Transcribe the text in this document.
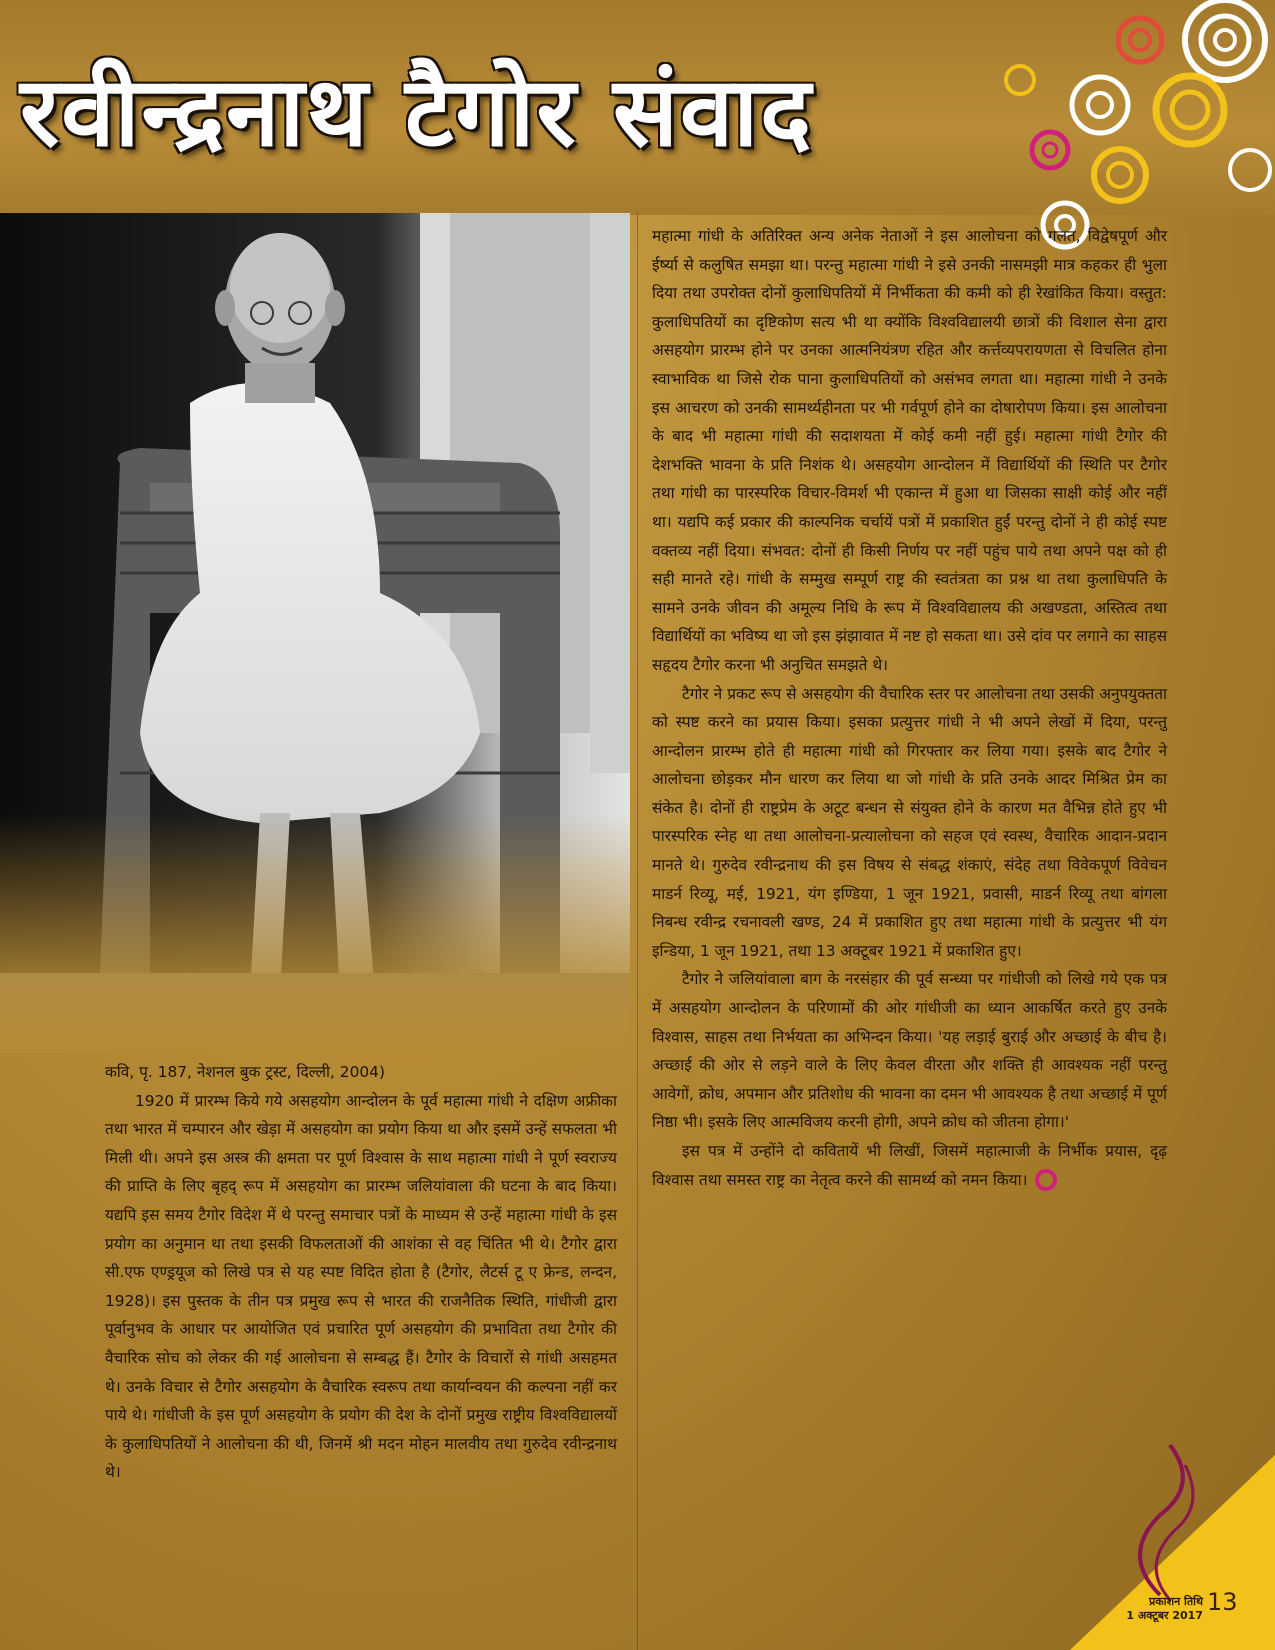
रवीन्द्रनाथ टैगोर संवाद

कवि, पृ. 187, नेशनल बुक ट्रस्ट, दिल्ली, 2004)

1920 में प्रारम्भ किये गये असहयोग आन्दोलन के पूर्व महात्मा गांधी ने दक्षिण अफ्रीका तथा भारत में चम्पारन और खेड़ा में असहयोग का प्रयोग किया था और इसमें उन्हें सफलता भी मिली थी। अपने इस अस्त्र की क्षमता पर पूर्ण विश्वास के साथ महात्मा गांधी ने पूर्ण स्वराज्य की प्राप्ति के लिए बृहद् रूप में असहयोग का प्रारम्भ जलियांवाला की घटना के बाद किया। यद्यपि इस समय टैगोर विदेश में थे परन्तु समाचार पत्रों के माध्यम से उन्हें महात्मा गांधी के इस प्रयोग का अनुमान था तथा इसकी विफलताओं की आशंका से वह चिंतित भी थे। टैगोर द्वारा सी.एफ एण्ड्रयूज को लिखे पत्र से यह स्पष्ट विदित होता है (टैगोर, लैटर्स टू ए फ्रेन्ड, लन्दन, 1928)। इस पुस्तक के तीन पत्र प्रमुख रूप से भारत की राजनैतिक स्थिति, गांधीजी द्वारा पूर्वानुभव के आधार पर आयोजित एवं प्रचारित पूर्ण असहयोग की प्रभाविता तथा टैगोर की वैचारिक सोच को लेकर की गई आलोचना से सम्बद्ध हैं। टैगोर के विचारों से गांधी असहमत थे। उनके विचार से टैगोर असहयोग के वैचारिक स्वरूप तथा कार्यान्वयन की कल्पना नहीं कर पाये थे। गांधीजी के इस पूर्ण असहयोग के प्रयोग की देश के दोनों प्रमुख राष्ट्रीय विश्वविद्यालयों के कुलाधिपतियों ने आलोचना की थी, जिनमें श्री मदन मोहन मालवीय तथा गुरुदेव रवीन्द्रनाथ थे।

महात्मा गांधी के अतिरिक्त अन्य अनेक नेताओं ने इस आलोचना को गलत, विद्वेषपूर्ण और ईर्ष्या से कलुषित समझा था। परन्तु महात्मा गांधी ने इसे उनकी नासमझी मात्र कहकर ही भुला दिया तथा उपरोक्त दोनों कुलाधिपतियों में निर्भीकता की कमी को ही रेखांकित किया। वस्तुत: कुलाधिपतियों का दृष्टिकोण सत्य भी था क्योंकि विश्वविद्यालयी छात्रों की विशाल सेना द्वारा असहयोग प्रारम्भ होने पर उनका आत्मनियंत्रण रहित और कर्त्तव्यपरायणता से विचलित होना स्वाभाविक था जिसे रोक पाना कुलाधिपतियों को असंभव लगता था। महात्मा गांधी ने उनके इस आचरण को उनकी सामर्थ्यहीनता पर भी गर्वपूर्ण होने का दोषारोपण किया। इस आलोचना के बाद भी महात्मा गांधी की सदाशयता में कोई कमी नहीं हुई। महात्मा गांधी टैगोर की देशभक्ति भावना के प्रति निशंक थे। असहयोग आन्दोलन में विद्यार्थियों की स्थिति पर टैगोर तथा गांधी का पारस्परिक विचार-विमर्श भी एकान्त में हुआ था जिसका साक्षी कोई और नहीं था। यद्यपि कई प्रकार की काल्पनिक चर्चायें पत्रों में प्रकाशित हुईं परन्तु दोनों ने ही कोई स्पष्ट वक्तव्य नहीं दिया। संभवत: दोनों ही किसी निर्णय पर नहीं पहुंच पाये तथा अपने पक्ष को ही सही मानते रहे। गांधी के सम्मुख सम्पूर्ण राष्ट्र की स्वतंत्रता का प्रश्न था तथा कुलाधिपति के सामने उनके जीवन की अमूल्य निधि के रूप में विश्वविद्यालय की अखण्डता, अस्तित्व तथा विद्यार्थियों का भविष्य था जो इस झंझावात में नष्ट हो सकता था। उसे दांव पर लगाने का साहस सहृदय टैगोर करना भी अनुचित समझते थे।

टैगोर ने प्रकट रूप से असहयोग की वैचारिक स्तर पर आलोचना तथा उसकी अनुपयुक्तता को स्पष्ट करने का प्रयास किया। इसका प्रत्युत्तर गांधी ने भी अपने लेखों में दिया, परन्तु आन्दोलन प्रारम्भ होते ही महात्मा गांधी को गिरफ्तार कर लिया गया। इसके बाद टैगोर ने आलोचना छोड़कर मौन धारण कर लिया था जो गांधी के प्रति उनके आदर मिश्रित प्रेम का संकेत है। दोनों ही राष्ट्रप्रेम के अटूट बन्धन से संयुक्त होने के कारण मत वैभिन्न होते हुए भी पारस्परिक स्नेह था तथा आलोचना-प्रत्यालोचना को सहज एवं स्वस्थ, वैचारिक आदान-प्रदान मानते थे। गुरुदेव रवीन्द्रनाथ की इस विषय से संबद्ध शंकाएं, संदेह तथा विवेकपूर्ण विवेचन माडर्न रिव्यू, मई, 1921, यंग इण्डिया, 1 जून 1921, प्रवासी, माडर्न रिव्यू तथा बांगला निबन्ध रवीन्द्र रचनावली खण्ड, 24 में प्रकाशित हुए तथा महात्मा गांधी के प्रत्युत्तर भी यंग इन्डिया, 1 जून 1921, तथा 13 अक्टूबर 1921 में प्रकाशित हुए।

टैगोर ने जलियांवाला बाग के नरसंहार की पूर्व सन्ध्या पर गांधीजी को लिखे गये एक पत्र में असहयोग आन्दोलन के परिणामों की ओर गांधीजी का ध्यान आकर्षित करते हुए उनके विश्वास, साहस तथा निर्भयता का अभिन्दन किया। 'यह लड़ाई बुराई और अच्छाई के बीच है। अच्छाई की ओर से लड़ने वाले के लिए केवल वीरता और शक्ति ही आवश्यक नहीं परन्तु आवेगों, क्रोध, अपमान और प्रतिशोध की भावना का दमन भी आवश्यक है तथा अच्छाई में पूर्ण निष्ठा भी। इसके लिए आत्मविजय करनी होगी, अपने क्रोध को जीतना होगा।'

इस पत्र में उन्होंने दो कवितायें भी लिखीं, जिसमें महात्माजी के निर्भीक प्रयास, दृढ़ विश्वास तथा समस्त राष्ट्र का नेतृत्व करने की सामर्थ्य को नमन किया।

प्रकाशन तिथि
1 अक्टूबर 2017 13
